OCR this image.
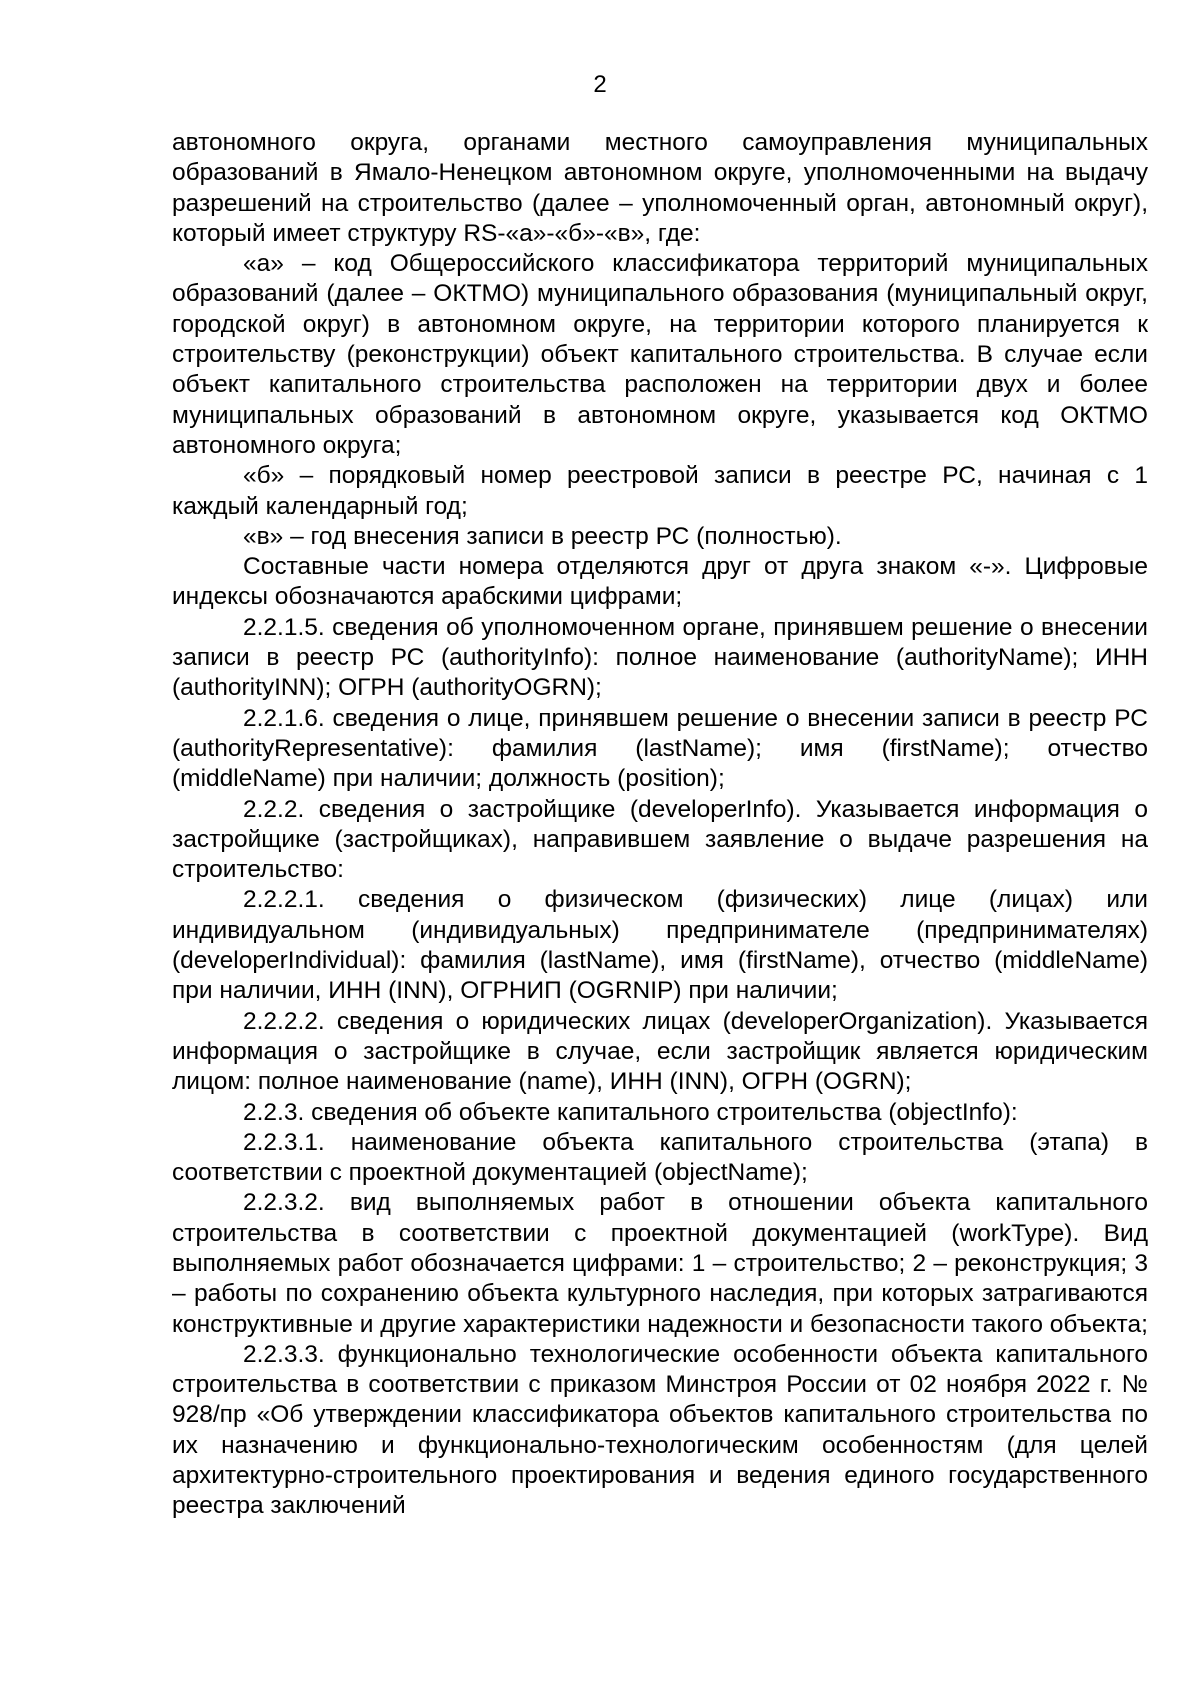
2

автономного округа, органами местного самоуправления муниципальных образований в Ямало-Ненецком автономном округе, уполномоченными на выдачу разрешений на строительство (далее – уполномоченный орган, автономный округ), который имеет структуру RS-«а»-«б»-«в», где:

«а» – код Общероссийского классификатора территорий муниципальных образований (далее – ОКТМО) муниципального образования (муниципальный округ, городской округ) в автономном округе, на территории которого планируется к строительству (реконструкции) объект капитального строительства. В случае если объект капитального строительства расположен на территории двух и более муниципальных образований в автономном округе, указывается код ОКТМО автономного округа;

«б» – порядковый номер реестровой записи в реестре РС, начиная с 1 каждый календарный год;

«в» – год внесения записи в реестр РС (полностью).

Составные части номера отделяются друг от друга знаком «-». Цифровые индексы обозначаются арабскими цифрами;

2.2.1.5. сведения об уполномоченном органе, принявшем решение о внесении записи в реестр РС (authorityInfo): полное наименование (authorityName); ИНН (authorityINN); ОГРН (authorityOGRN);

2.2.1.6. сведения о лице, принявшем решение о внесении записи в реестр РС (authorityRepresentative): фамилия (lastName); имя (firstName); отчество (middleName) при наличии; должность (position);

2.2.2. сведения о застройщике (developerInfo). Указывается информация о застройщике (застройщиках), направившем заявление о выдаче разрешения на строительство:

2.2.2.1. сведения о физическом (физических) лице (лицах) или индивидуальном (индивидуальных) предпринимателе (предпринимателях) (developerIndividual): фамилия (lastName), имя (firstName), отчество (middleName) при наличии, ИНН (INN), ОГРНИП (OGRNIP) при наличии;

2.2.2.2. сведения о юридических лицах (developerOrganization). Указывается информация о застройщике в случае, если застройщик является юридическим лицом: полное наименование (name), ИНН (INN), ОГРН (OGRN);

2.2.3. сведения об объекте капитального строительства (objectInfo):

2.2.3.1. наименование объекта капитального строительства (этапа) в соответствии с проектной документацией (objectName);

2.2.3.2. вид выполняемых работ в отношении объекта капитального строительства в соответствии с проектной документацией (workType). Вид выполняемых работ обозначается цифрами: 1 – строительство; 2 – реконструкция; 3 – работы по сохранению объекта культурного наследия, при которых затрагиваются конструктивные и другие характеристики надежности и безопасности такого объекта;

2.2.3.3. функционально технологические особенности объекта капитального строительства в соответствии с приказом Минстроя России от 02 ноября 2022 г. № 928/пр «Об утверждении классификатора объектов капитального строительства по их назначению и функционально-технологическим особенностям (для целей архитектурно-строительного проектирования и ведения единого государственного реестра заключений
